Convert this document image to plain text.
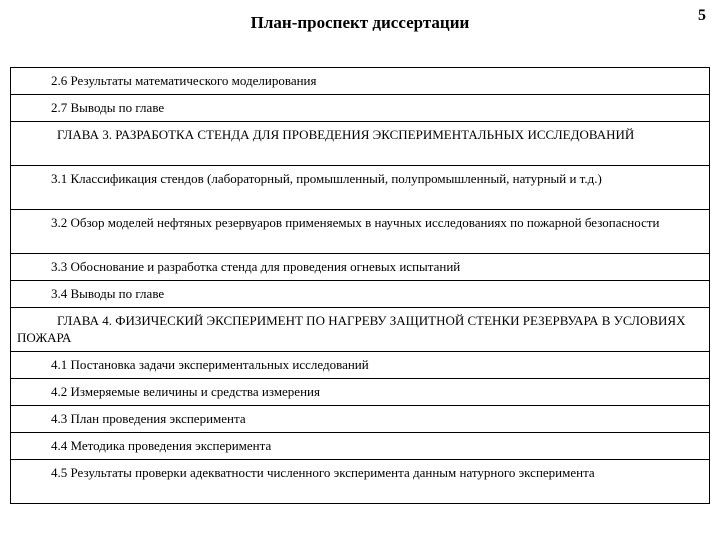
План-проспект диссертации	5
2.6 Результаты математического моделирования
2.7 Выводы по главе
ГЛАВА 3. РАЗРАБОТКА СТЕНДА ДЛЯ ПРОВЕДЕНИЯ ЭКСПЕРИМЕНТАЛЬНЫХ ИССЛЕДОВАНИЙ
3.1 Классификация стендов (лабораторный, промышленный, полупромышленный, натурный и т.д.)
3.2 Обзор моделей нефтяных резервуаров применяемых в научных исследованиях по пожарной безопасности
3.3 Обоснование и разработка стенда для проведения огневых испытаний
3.4 Выводы по главе
ГЛАВА 4. ФИЗИЧЕСКИЙ ЭКСПЕРИМЕНТ ПО НАГРЕВУ ЗАЩИТНОЙ СТЕНКИ РЕЗЕРВУАРА В УСЛОВИЯХ ПОЖАРА
4.1 Постановка задачи экспериментальных исследований
4.2 Измеряемые величины и средства измерения
4.3 План проведения эксперимента
4.4 Методика проведения эксперимента
4.5 Результаты проверки адекватности численного эксперимента данным натурного эксперимента
